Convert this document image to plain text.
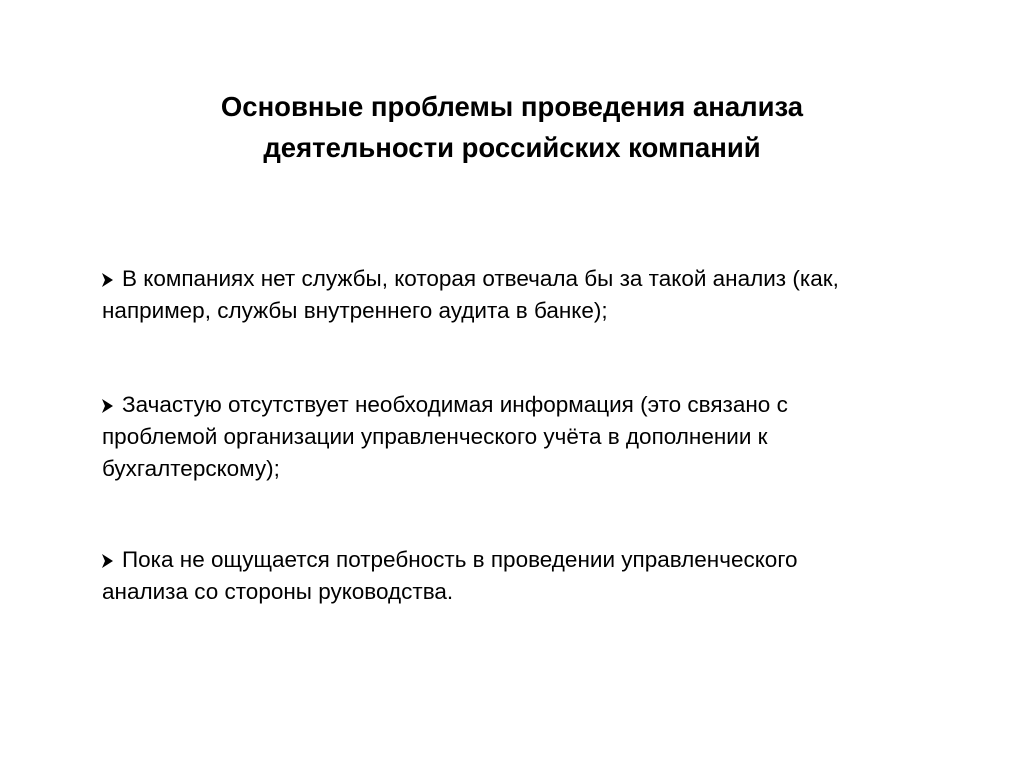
Основные проблемы проведения анализа
деятельности российских компаний
В компаниях нет службы, которая отвечала бы за такой анализ (как,
например, службы внутреннего аудита в банке);
Зачастую отсутствует необходимая информация (это связано с
проблемой организации управленческого учёта в дополнении к
бухгалтерскому);
Пока не ощущается потребность в проведении управленческого
анализа со стороны руководства.
